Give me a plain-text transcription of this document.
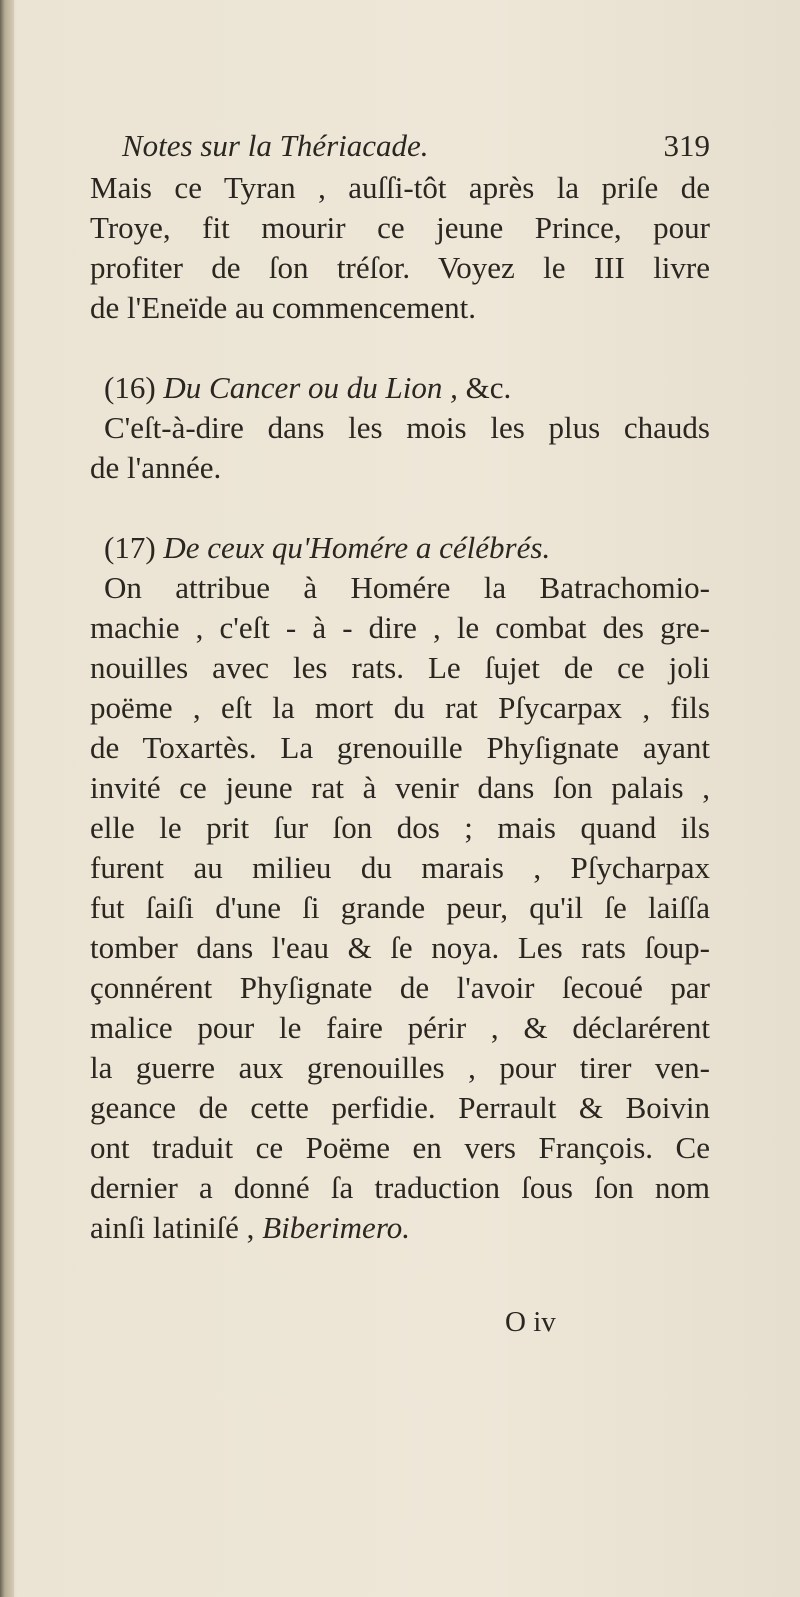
Notes sur la Thériacade.	319
Mais ce Tyran , auſſi-tôt après la priſe de
Troye, fit mourir ce jeune Prince, pour
profiter de ſon tréſor. Voyez le III livre
de l'Eneïde au commencement.
(16) Du Cancer ou du Lion , &c.
C'eſt-à-dire dans les mois les plus chauds
de l'année.
(17) De ceux qu'Homére a célébrés.
On attribue à Homére la Batrachomio-
machie , c'eſt - à - dire , le combat des gre-
nouilles avec les rats. Le ſujet de ce joli
poëme , eſt la mort du rat Pſycarpax , fils
de Toxartès. La grenouille Phyſignate ayant
invité ce jeune rat à venir dans ſon palais ,
elle le prit ſur ſon dos ; mais quand ils
furent au milieu du marais , Pſycharpax
fut ſaiſi d'une ſi grande peur, qu'il ſe laiſſa
tomber dans l'eau & ſe noya. Les rats ſoup-
çonnérent Phyſignate de l'avoir ſecoué par
malice pour le faire périr , & déclarérent
la guerre aux grenouilles , pour tirer ven-
geance de cette perfidie. Perrault & Boivin
ont traduit ce Poëme en vers François. Ce
dernier a donné ſa traduction ſous ſon nom
ainſi latiniſé , Biberimero.
O iv
